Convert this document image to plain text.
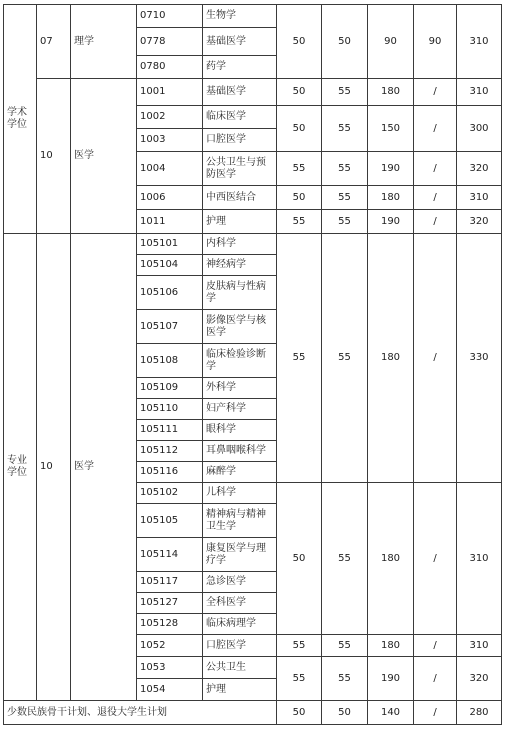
学术学位	07	理学	0710	生物学	50	50	90	90	310
			0778	基础医学					
			0780	药学					
	10	医学	1001	基础医学	50	55	180	/	310
			1002	临床医学	50	55	150	/	300
			1003	口腔医学					
			1004	公共卫生与预防医学	55	55	190	/	320
			1006	中西医结合	50	55	180	/	310
			1011	护理	55	55	190	/	320
专业学位	10	医学	105101	内科学	55	55	180	/	330
			105104	神经病学					
			105106	皮肤病与性病学					
			105107	影像医学与核医学					
			105108	临床检验诊断学					
			105109	外科学					
			105110	妇产科学					
			105111	眼科学					
			105112	耳鼻咽喉科学					
			105116	麻醉学					
			105102	儿科学	50	55	180	/	310
			105105	精神病与精神卫生学					
			105114	康复医学与理疗学					
			105117	急诊医学					
			105127	全科医学					
			105128	临床病理学					
			1052	口腔医学	55	55	180	/	310
			1053	公共卫生	55	55	190	/	320
			1054	护理					
少数民族骨干计划、退役大学生计划					50	50	140	/	280
